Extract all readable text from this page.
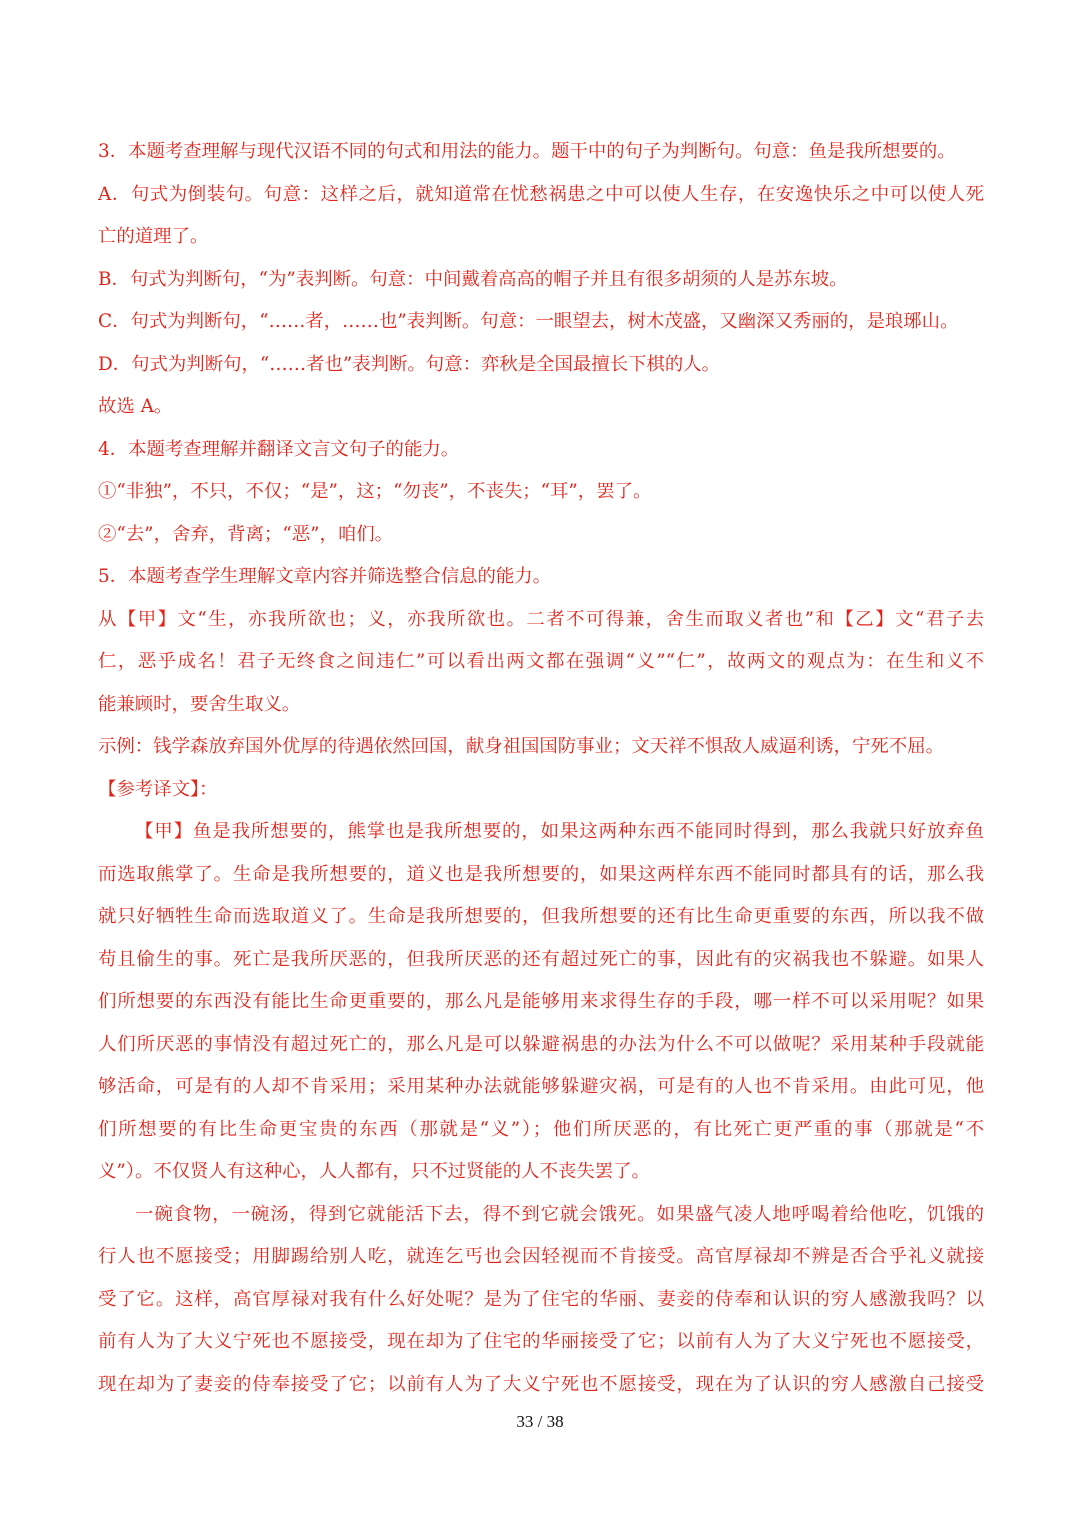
3．本题考查理解与现代汉语不同的句式和用法的能力。题干中的句子为判断句。句意：鱼是我所想要的。
A．句式为倒装句。句意：这样之后，就知道常在忧愁祸患之中可以使人生存，在安逸快乐之中可以使人死
亡的道理了。
B．句式为判断句，“为”表判断。句意：中间戴着高高的帽子并且有很多胡须的人是苏东坡。
C．句式为判断句，“……者，……也”表判断。句意：一眼望去，树木茂盛，又幽深又秀丽的，是琅琊山。
D．句式为判断句，“……者也”表判断。句意：弈秋是全国最擅长下棋的人。
故选 A。
4．本题考查理解并翻译文言文句子的能力。
①“非独”，不只，不仅；“是”，这；“勿丧”，不丧失；“耳”，罢了。
②“去”，舍弃，背离；“恶”，咱们。
5．本题考查学生理解文章内容并筛选整合信息的能力。
从【甲】文“生，亦我所欲也；义，亦我所欲也。二者不可得兼，舍生而取义者也”和【乙】文“君子去
仁，恶乎成名！君子无终食之间违仁”可以看出两文都在强调“义”“仁”，故两文的观点为：在生和义不
能兼顾时，要舍生取义。
示例：钱学森放弃国外优厚的待遇依然回国，献身祖国国防事业；文天祥不惧敌人威逼利诱，宁死不屈。
【参考译文】：
【甲】鱼是我所想要的，熊掌也是我所想要的，如果这两种东西不能同时得到，那么我就只好放弃鱼
而选取熊掌了。生命是我所想要的，道义也是我所想要的，如果这两样东西不能同时都具有的话，那么我
就只好牺牲生命而选取道义了。生命是我所想要的，但我所想要的还有比生命更重要的东西，所以我不做
苟且偷生的事。死亡是我所厌恶的，但我所厌恶的还有超过死亡的事，因此有的灾祸我也不躲避。如果人
们所想要的东西没有能比生命更重要的，那么凡是能够用来求得生存的手段，哪一样不可以采用呢？如果
人们所厌恶的事情没有超过死亡的，那么凡是可以躲避祸患的办法为什么不可以做呢？采用某种手段就能
够活命，可是有的人却不肯采用；采用某种办法就能够躲避灾祸，可是有的人也不肯采用。由此可见，他
们所想要的有比生命更宝贵的东西（那就是“义”）；他们所厌恶的，有比死亡更严重的事（那就是“不
义”）。不仅贤人有这种心，人人都有，只不过贤能的人不丧失罢了。
一碗食物，一碗汤，得到它就能活下去，得不到它就会饿死。如果盛气凌人地呼喝着给他吃，饥饿的
行人也不愿接受；用脚踢给别人吃，就连乞丐也会因轻视而不肯接受。高官厚禄却不辨是否合乎礼义就接
受了它。这样，高官厚禄对我有什么好处呢？是为了住宅的华丽、妻妾的侍奉和认识的穷人感激我吗？以
前有人为了大义宁死也不愿接受，现在却为了住宅的华丽接受了它；以前有人为了大义宁死也不愿接受，
现在却为了妻妾的侍奉接受了它；以前有人为了大义宁死也不愿接受，现在为了认识的穷人感激自己接受
33 / 38
